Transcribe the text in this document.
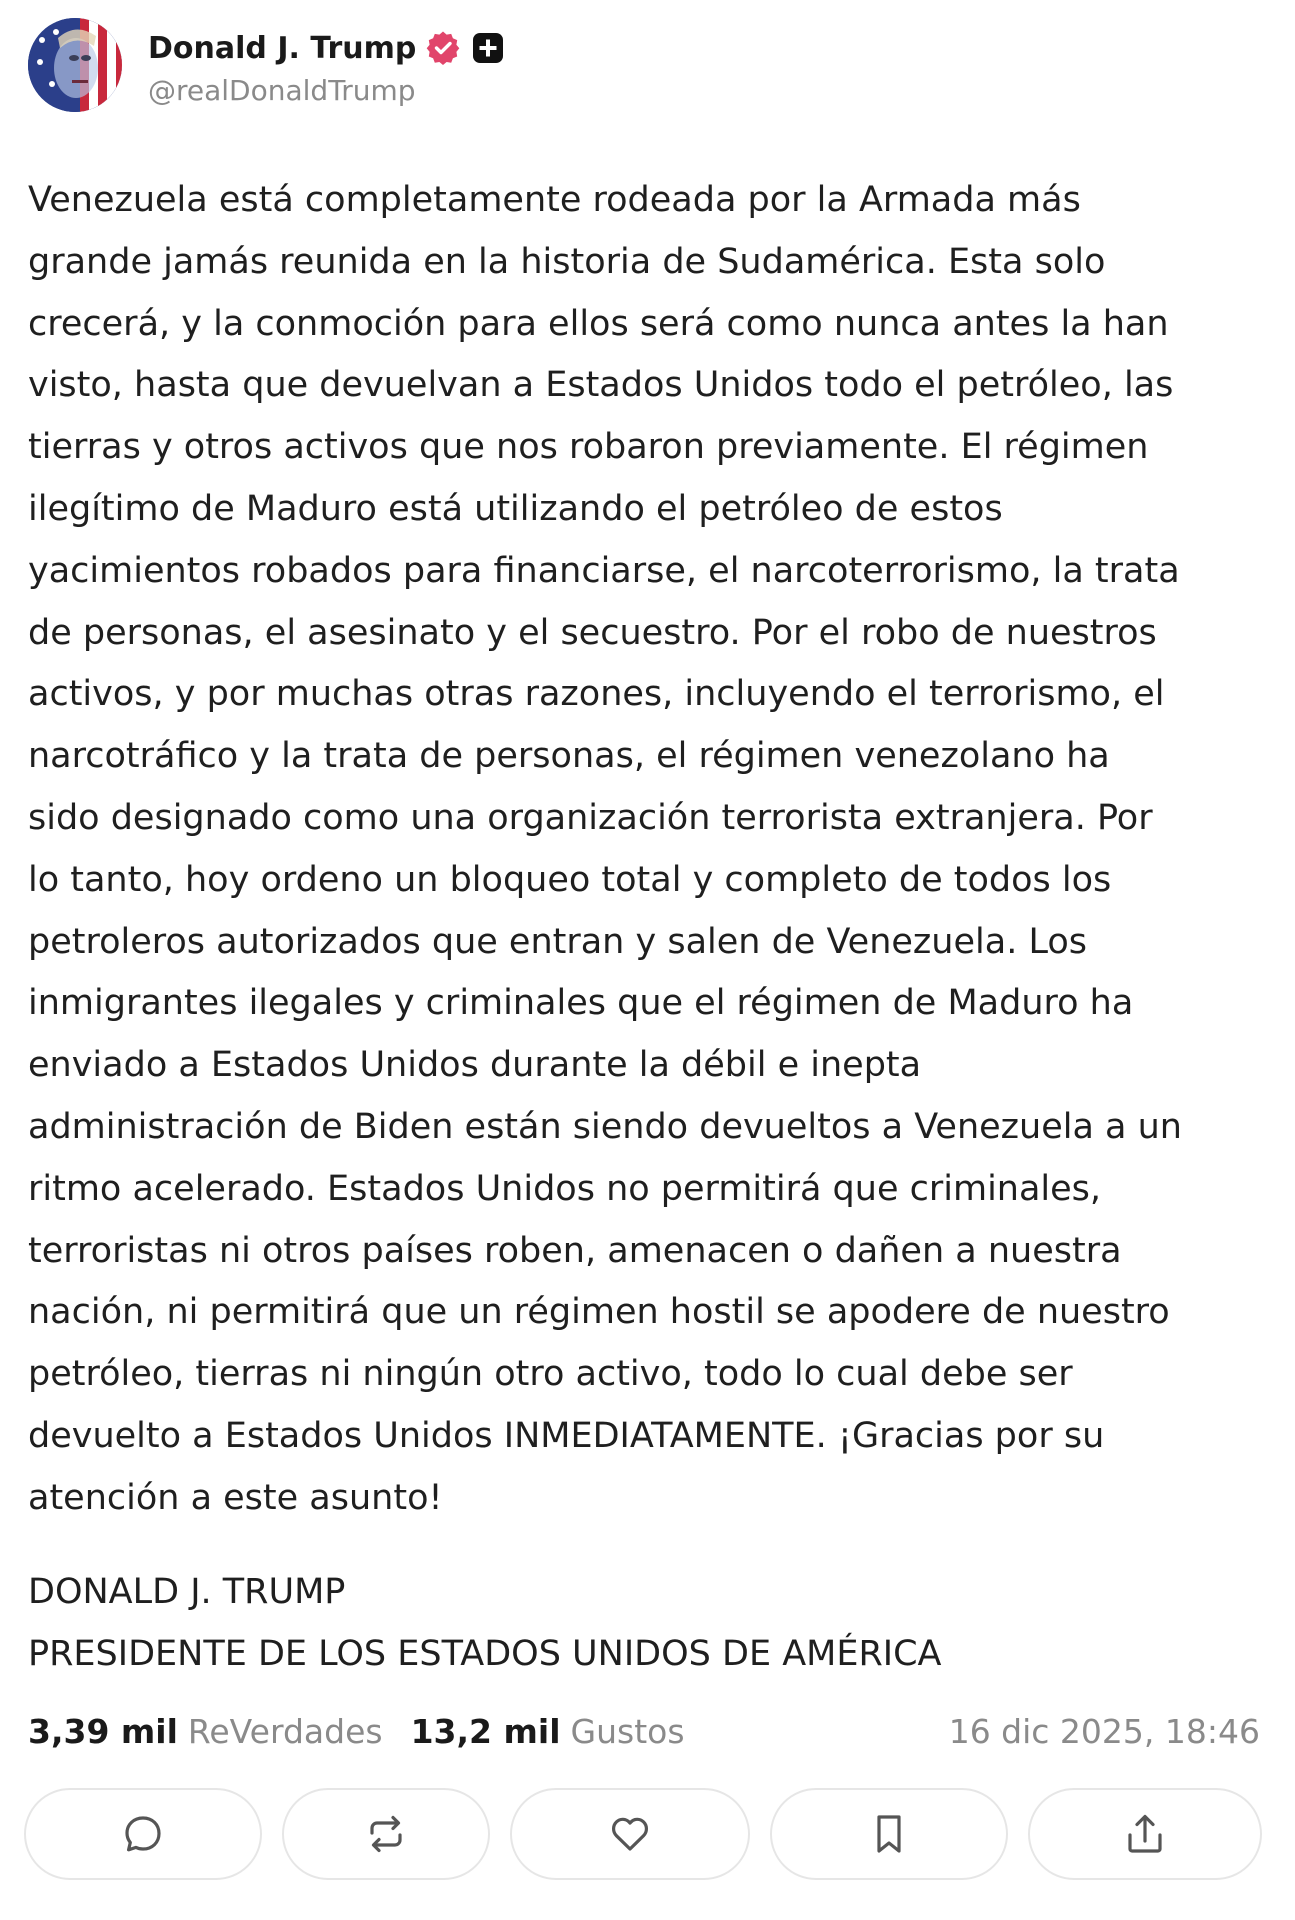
Donald J. Trump
@realDonaldTrump

Venezuela está completamente rodeada por la Armada más
grande jamás reunida en la historia de Sudamérica. Esta solo
crecerá, y la conmoción para ellos será como nunca antes la han
visto, hasta que devuelvan a Estados Unidos todo el petróleo, las
tierras y otros activos que nos robaron previamente. El régimen
ilegítimo de Maduro está utilizando el petróleo de estos
yacimientos robados para financiarse, el narcoterrorismo, la trata
de personas, el asesinato y el secuestro. Por el robo de nuestros
activos, y por muchas otras razones, incluyendo el terrorismo, el
narcotráfico y la trata de personas, el régimen venezolano ha
sido designado como una organización terrorista extranjera. Por
lo tanto, hoy ordeno un bloqueo total y completo de todos los
petroleros autorizados que entran y salen de Venezuela. Los
inmigrantes ilegales y criminales que el régimen de Maduro ha
enviado a Estados Unidos durante la débil e inepta
administración de Biden están siendo devueltos a Venezuela a un
ritmo acelerado. Estados Unidos no permitirá que criminales,
terroristas ni otros países roben, amenacen o dañen a nuestra
nación, ni permitirá que un régimen hostil se apodere de nuestro
petróleo, tierras ni ningún otro activo, todo lo cual debe ser
devuelto a Estados Unidos INMEDIATAMENTE. ¡Gracias por su
atención a este asunto!

DONALD J. TRUMP
PRESIDENTE DE LOS ESTADOS UNIDOS DE AMÉRICA
3,39 mil ReVerdades 13,2 mil Gustos	16 dic 2025, 18:46
